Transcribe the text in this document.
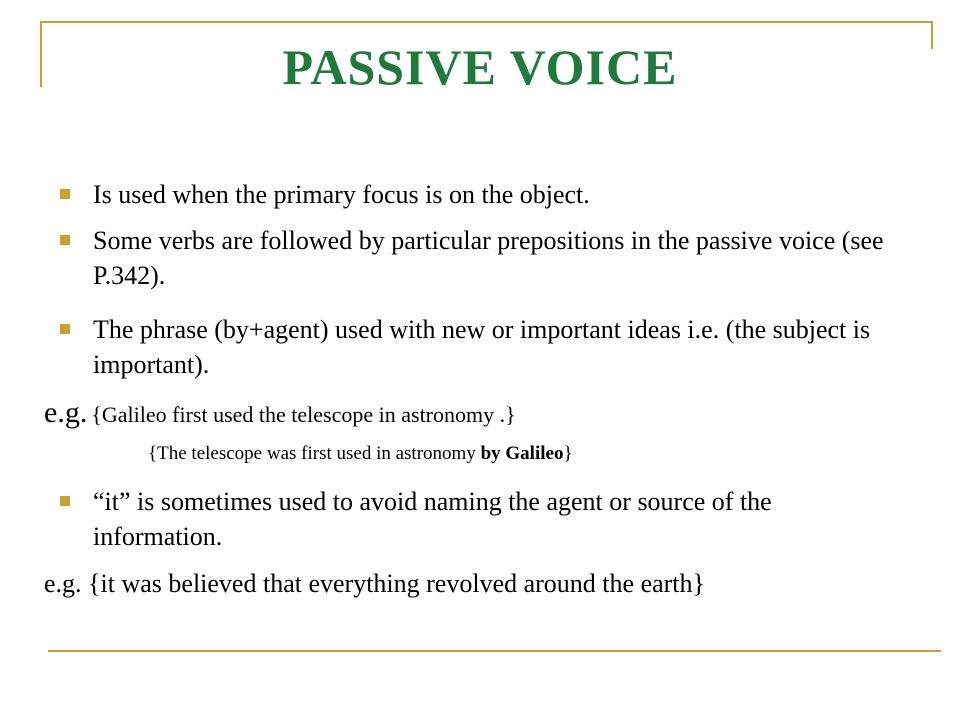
PASSIVE VOICE
Is used when the primary focus is on the object.
Some verbs are followed by particular prepositions in the passive voice (see P.342).
The phrase (by+agent) used with new or important ideas i.e. (the subject is important).
e.g. {Galileo first used the telescope in astronomy .}
{The telescope was first used in astronomy by Galileo}
“it” is sometimes used to avoid naming the agent or source of the information.
e.g. {it was believed that everything revolved around the earth}
